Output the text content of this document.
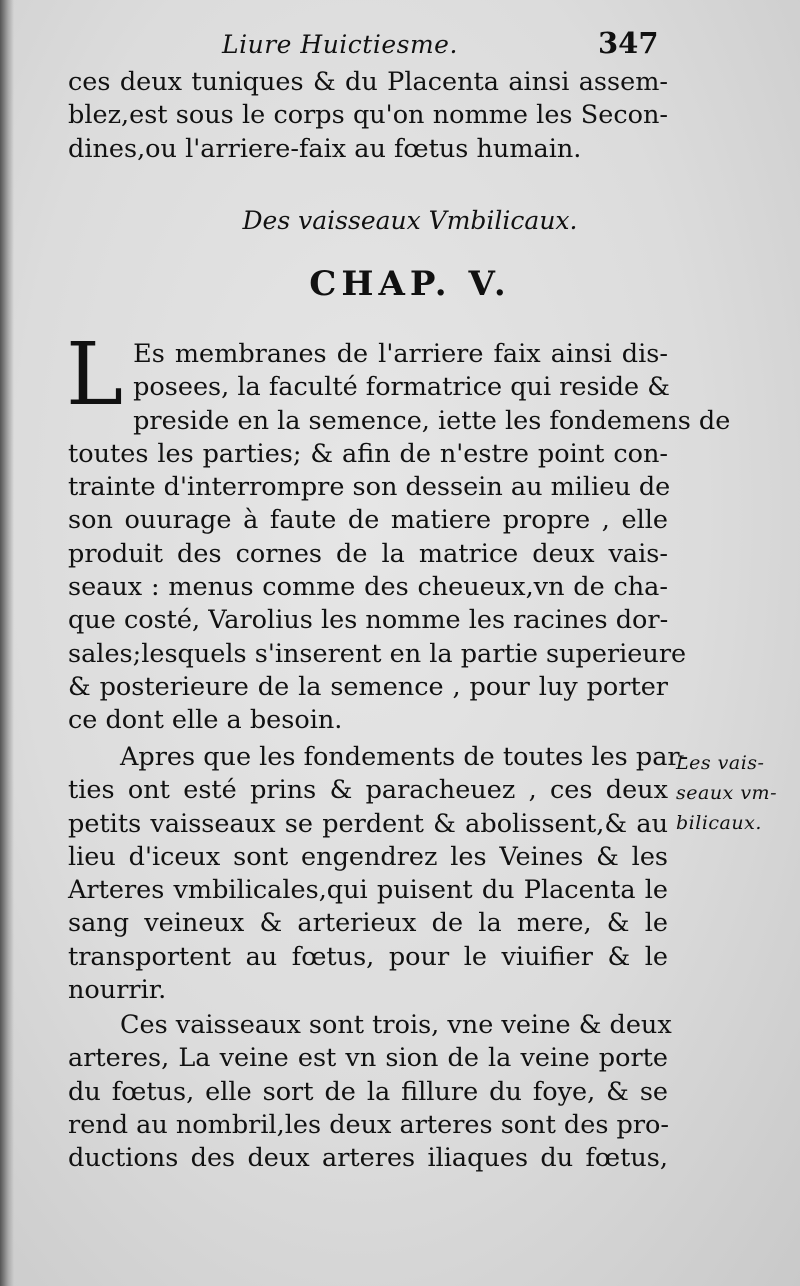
Liure Huictiesme.	347

ces deux tuniques & du Placenta ainsi assem-
blez,est sous le corps qu'on nomme les Secon-
dines,ou l'arriere-faix au fœtus humain.

Des vaisseaux Vmbilicaux.
CHAP. V.

L Es membranes de l'arriere faix ainsi dis-
posees, la faculté formatrice qui reside &
preside en la semence, iette les fondemens de
toutes les parties; & afin de n'estre point con-
trainte d'interrompre son dessein au milieu de
son ouurage à faute de matiere propre , elle
produit des cornes de la matrice deux vais-
seaux : menus comme des cheueux,vn de cha-
que costé, Varolius les nomme les racines dor-
sales;lesquels s'inserent en la partie superieure
& posterieure de la semence , pour luy porter
ce dont elle a besoin.

Apres que les fondements de toutes les par-
ties ont esté prins & paracheuez , ces deux
petits vaisseaux se perdent & abolissent,& au
lieu d'iceux sont engendrez les Veines & les
Arteres vmbilicales,qui puisent du Placenta le
sang veineux & arterieux de la mere, & le
transportent au fœtus, pour le viuifier & le
nourrir.

Ces vaisseaux sont trois, vne veine & deux
arteres, La veine est vn sion de la veine porte
du fœtus, elle sort de la fillure du foye, & se
rend au nombril,les deux arteres sont des pro-
ductions des deux arteres iliaques du fœtus,

Les vais-
seaux vm-
bilicaux.
